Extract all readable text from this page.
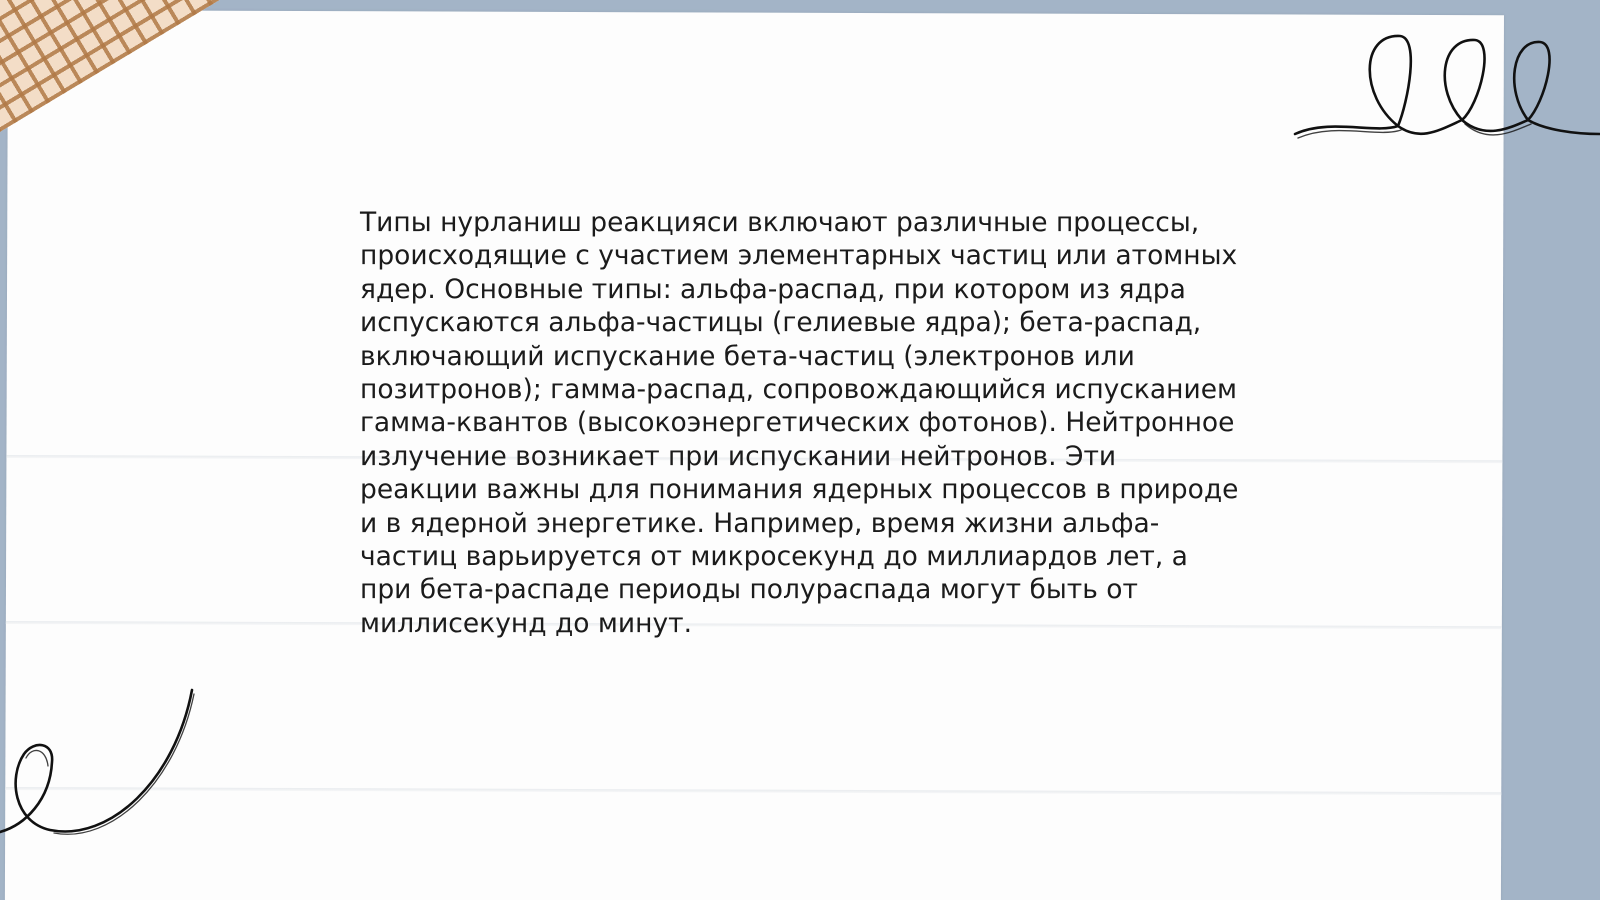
Типы нурланиш реакцияси включают различные процессы, происходящие с участием элементарных частиц или атомных ядер. Основные типы: альфа-распад, при котором из ядра испускаются альфа-частицы (гелиевые ядра); бета-распад, включающий испускание бета-частиц (электронов или позитронов); гамма-распад, сопровождающийся испусканием гамма-квантов (высокоэнергетических фотонов). Нейтронное излучение возникает при испускании нейтронов. Эти реакции важны для понимания ядерных процессов в природе и в ядерной энергетике. Например, время жизни альфа-частиц варьируется от микросекунд до миллиардов лет, а при бета-распаде периоды полураспада могут быть от миллисекунд до минут.
